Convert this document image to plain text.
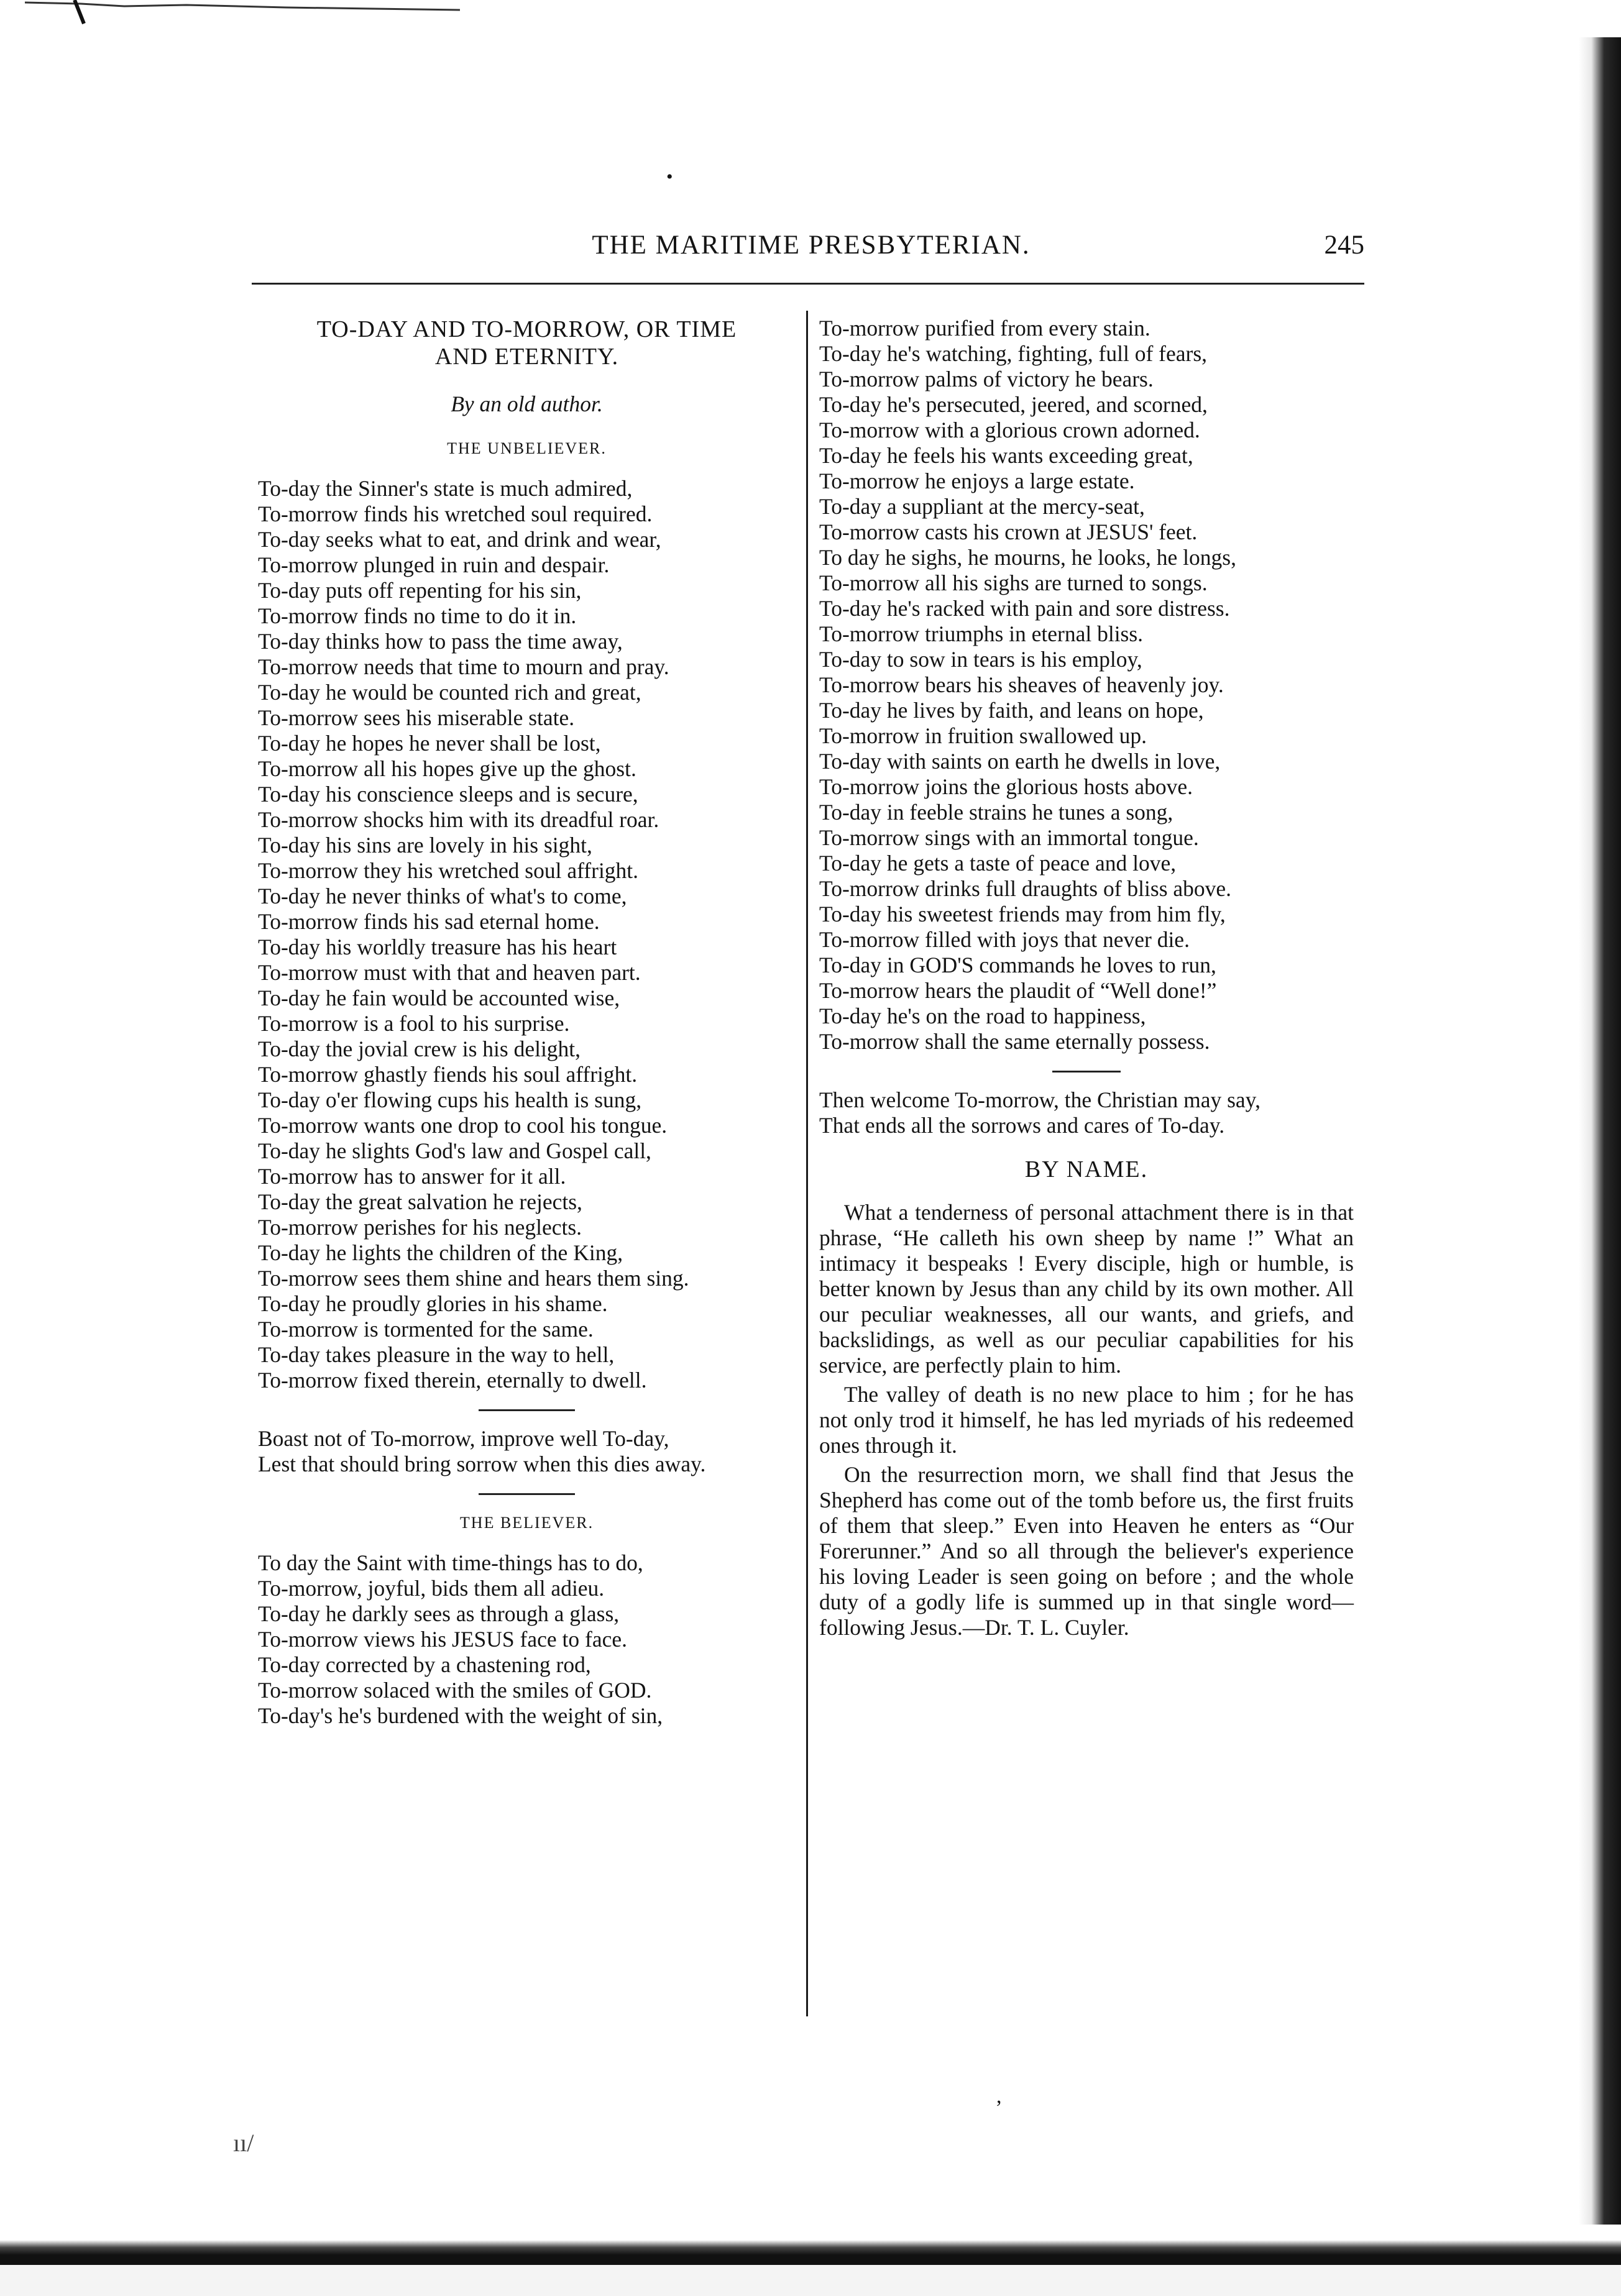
•
THE MARITIME PRESBYTERIAN.	245
TO-DAY AND TO-MORROW, OR TIME
AND ETERNITY.
By an old author.
THE UNBELIEVER.
To-day the Sinner's state is much admired,
To-morrow finds his wretched soul required.
To-day seeks what to eat, and drink and wear,
To-morrow plunged in ruin and despair.
To-day puts off repenting for his sin,
To-morrow finds no time to do it in.
To-day thinks how to pass the time away,
To-morrow needs that time to mourn and pray.
To-day he would be counted rich and great,
To-morrow sees his miserable state.
To-day he hopes he never shall be lost,
To-morrow all his hopes give up the ghost.
To-day his conscience sleeps and is secure,
To-morrow shocks him with its dreadful roar.
To-day his sins are lovely in his sight,
To-morrow they his wretched soul affright.
To-day he never thinks of what's to come,
To-morrow finds his sad eternal home.
To-day his worldly treasure has his heart
To-morrow must with that and heaven part.
To-day he fain would be accounted wise,
To-morrow is a fool to his surprise.
To-day the jovial crew is his delight,
To-morrow ghastly fiends his soul affright.
To-day o'er flowing cups his health is sung,
To-morrow wants one drop to cool his tongue.
To-day he slights God's law and Gospel call,
To-morrow has to answer for it all.
To-day the great salvation he rejects,
To-morrow perishes for his neglects.
To-day he lights the children of the King,
To-morrow sees them shine and hears them sing.
To-day he proudly glories in his shame.
To-morrow is tormented for the same.
To-day takes pleasure in the way to hell,
To-morrow fixed therein, eternally to dwell.
Boast not of To-morrow, improve well To-day,
Lest that should bring sorrow when this dies away.
THE BELIEVER.
To day the Saint with time-things has to do,
To-morrow, joyful, bids them all adieu.
To-day he darkly sees as through a glass,
To-morrow views his JESUS face to face.
To-day corrected by a chastening rod,
To-morrow solaced with the smiles of GOD.
To-day's he's burdened with the weight of sin,
To-morrow purified from every stain.
To-day he's watching, fighting, full of fears,
To-morrow palms of victory he bears.
To-day he's persecuted, jeered, and scorned,
To-morrow with a glorious crown adorned.
To-day he feels his wants exceeding great,
To-morrow he enjoys a large estate.
To-day a suppliant at the mercy-seat,
To-morrow casts his crown at JESUS' feet.
To day he sighs, he mourns, he looks, he longs,
To-morrow all his sighs are turned to songs.
To-day he's racked with pain and sore distress.
To-morrow triumphs in eternal bliss.
To-day to sow in tears is his employ,
To-morrow bears his sheaves of heavenly joy.
To-day he lives by faith, and leans on hope,
To-morrow in fruition swallowed up.
To-day with saints on earth he dwells in love,
To-morrow joins the glorious hosts above.
To-day in feeble strains he tunes a song,
To-morrow sings with an immortal tongue.
To-day he gets a taste of peace and love,
To-morrow drinks full draughts of bliss above.
To-day his sweetest friends may from him fly,
To-morrow filled with joys that never die.
To-day in GOD'S commands he loves to run,
To-morrow hears the plaudit of “Well done!”
To-day he's on the road to happiness,
To-morrow shall the same eternally possess.
Then welcome To-morrow, the Christian may say,
That ends all the sorrows and cares of To-day.
BY NAME.

What a tenderness of personal attachment there is in that phrase, “He calleth his own sheep by name !” What an intimacy it bespeaks ! Every disciple, high or humble, is better known by Jesus than any child by its own mother. All our peculiar weaknesses, all our wants, and griefs, and backslidings, as well as our peculiar capabilities for his service, are perfectly plain to him.

The valley of death is no new place to him ; for he has not only trod it himself, he has led myriads of his redeemed ones through it.

On the resurrection morn, we shall find that Jesus the Shepherd has come out of the tomb before us, the first fruits of them that sleep.” Even into Heaven he enters as “Our Forerunner.” And so all through the believer's experience his loving Leader is seen going on before ; and the whole duty of a godly life is summed up in that single word—following Jesus.—Dr. T. L. Cuyler.

,
ıı/
